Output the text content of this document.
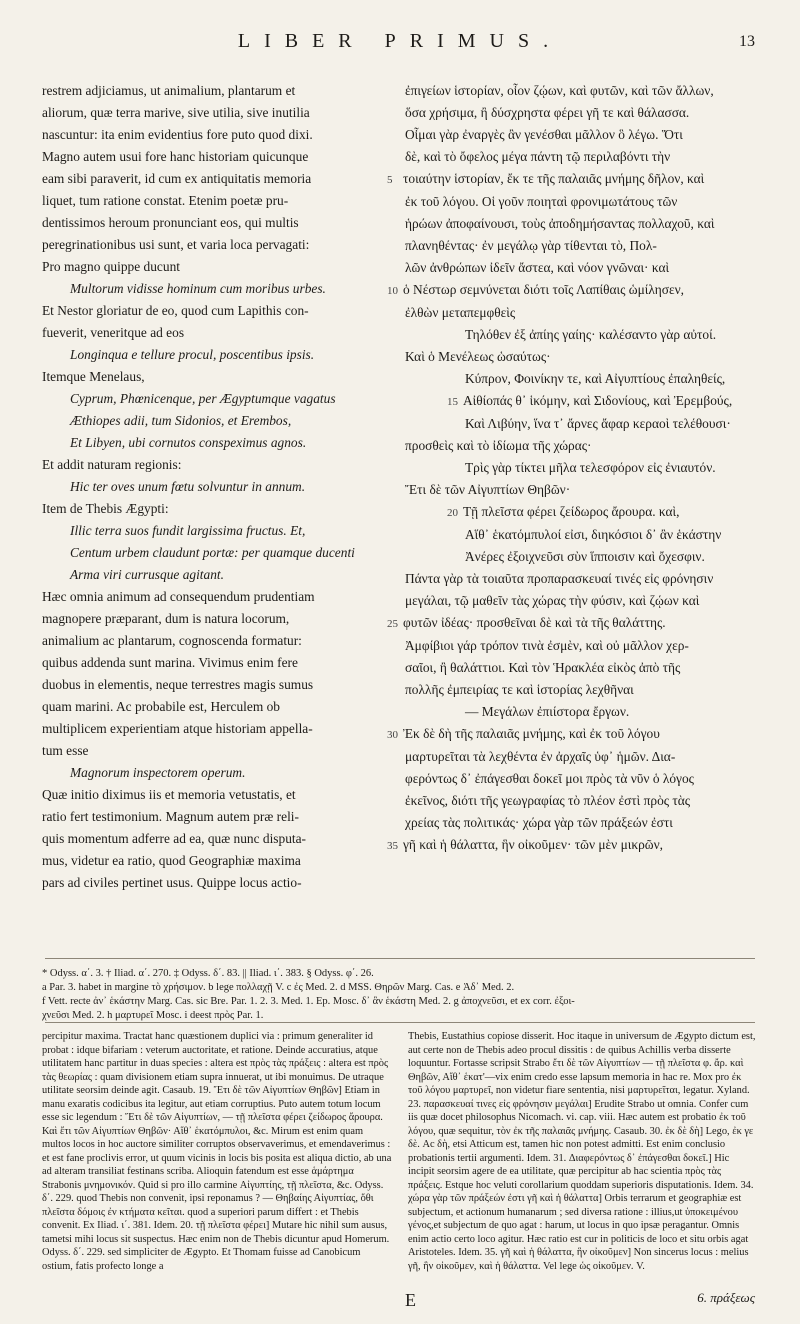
LIBER PRIMUS.	13
restrem adjiciamus, ut animalium, plantarum et
aliorum, quæ terra marive, sive utilia, sive inutilia
nascuntur: ita enim evidentius fore puto quod dixi.
Magno autem usui fore hanc historiam quicunque
eam sibi paraverit, id cum ex antiquitatis memoria
liquet, tum ratione constat. Etenim poetæ pru-
dentissimos heroum pronunciant eos, qui multis
peregrinationibus usi sunt, et varia loca pervagati:
Pro magno quippe ducunt
Multorum vidisse hominum cum moribus urbes.
Et Nestor gloriatur de eo, quod cum Lapithis con-
fueverit, veneritque ad eos
Longinqua e tellure procul, poscentibus ipsis.
Itemque Menelaus,
Cyprum, Phœnicenque, per Ægyptumque vagatus
Æthiopes adii, tum Sidonios, et Erembos,
Et Libyen, ubi cornutos conspeximus agnos.
Et addit naturam regionis:
Hic ter oves unum fœtu solvuntur in annum.
Item de Thebis Ægypti:
Illic terra suos fundit largissima fructus. Et,
Centum urbem claudunt portæ: per quamque ducenti
Arma viri currusque agitant.
Hæc omnia animum ad consequendum prudentiam
magnopere præparant, dum is natura locorum,
animalium ac plantarum, cognoscenda formatur:
quibus addenda sunt marina. Vivimus enim fere
duobus in elementis, neque terrestres magis sumus
quam marini. Ac probabile est, Herculem ob
multiplicem experientiam atque historiam appella-
tum esse
Magnorum inspectorem operum.
Quæ initio diximus iis et memoria vetustatis, et
ratio fert testimonium. Magnum autem præ reli-
quis momentum adferre ad ea, quæ nunc disputa-
mus, videtur ea ratio, quod Geographiæ maxima
pars ad civiles pertinet usus. Quippe locus actio-
ἐπιγείων ἱστορίαν, οἷον ζῴων, καὶ φυτῶν, καὶ τῶν ἄλλων,
ὅσα χρήσιμα, ἢ δύσχρηστα φέρει γῆ τε καὶ θάλασσα.
Οἶμαι γὰρ ἐναργὲς ἂν γενέσθαι μᾶλλον ὃ λέγω. Ὅτι
δὲ, καὶ τὸ ὄφελος μέγα πάντη τῷ περιλαβόντι τὴν
5 τοιαύτην ἱστορίαν, ἔκ τε τῆς παλαιᾶς μνήμης δῆλον, καὶ
ἐκ τοῦ λόγου. Οἱ γοῦν ποιηταὶ φρονιμωτάτους τῶν
ἡρώων ἀποφαίνουσι, τοὺς ἀποδημήσαντας πολλαχοῦ, καὶ
πλανηθέντας· ἐν μεγάλῳ γὰρ τίθενται τὸ, Πολ-
λῶν ἀνθρώπων ἰδεῖν ἄστεα, καὶ νόον γνῶναι· καὶ
10 ὁ Νέστωρ σεμνύνεται διότι τοῖς Λαπίθαις ὡμίλησεν,
ἐλθὼν μεταπεμφθεὶς
Τηλόθεν ἐξ ἀπίης γαίης· καλέσαντο γὰρ αὐτοί.
Καὶ ὁ Μενέλεως ὡσαύτως·
Κύπρον, Φοινίκην τε, καὶ Αἰγυπτίους ἐπαληθείς,
15 Αἰθίοπάς θ᾽ ἱκόμην, καὶ Σιδονίους, καὶ Ἐρεμβούς,
Καὶ Λιβύην, ἵνα τ᾽ ἄρνες ἄφαρ κεραοὶ τελέθουσι·
προσθεὶς καὶ τὸ ἰδίωμα τῆς χώρας·
Τρὶς γὰρ τίκτει μῆλα τελεσφόρον εἰς ἐνιαυτόν.
Ἔτι δὲ τῶν Αἰγυπτίων Θηβῶν·
20 Τῇ πλεῖστα φέρει ζείδωρος ἄρουρα. καὶ,
Αἵθ᾽ ἑκατόμπυλοί εἰσι, διηκόσιοι δ᾽ ἂν ἑκάστην
Ἀνέρες ἐξοιχνεῦσι σὺν ἵπποισιν καὶ ὄχεσφιν.
Πάντα γὰρ τὰ τοιαῦτα προπαρασκευαί τινές εἰς φρόνησιν
μεγάλαι, τῷ μαθεῖν τὰς χώρας τὴν φύσιν, καὶ ζῴων καὶ
25 φυτῶν ἰδέας· προσθεῖναι δὲ καὶ τὰ τῆς θαλάττης.
Ἀμφίβιοι γάρ τρόπον τινὰ ἐσμὲν, καὶ οὐ μᾶλλον χερ-
σαῖοι, ἢ θαλάττιοι. Καὶ τὸν Ἡρακλέα εἰκὸς ἀπὸ τῆς
πολλῆς ἐμπειρίας τε καὶ ἱστορίας λεχθῆναι
— Μεγάλων ἐπιίστορα ἔργων.
30 Ἐκ δὲ δὴ τῆς παλαιᾶς μνήμης, καὶ ἐκ τοῦ λόγου
μαρτυρεῖται τὰ λεχθέντα ἐν ἀρχαῖς ὑφ᾽ ἡμῶν. Δια-
φερόντως δ᾽ ἐπάγεσθαι δοκεῖ μοι πρὸς τὰ νῦν ὁ λόγος
ἐκεῖνος, διότι τῆς γεωγραφίας τὸ πλέον ἐστὶ πρὸς τὰς
χρείας τὰς πολιτικάς· χώρα γὰρ τῶν πράξεών ἐστι
35 γῆ καὶ ἡ θάλαττα, ἣν οἰκοῦμεν· τῶν μὲν μικρῶν,
* Odyss. α΄. 3. † Iliad. α΄. 270. ‡ Odyss. δ΄. 83. || Iliad. ι΄. 383. § Odyss. φ΄. 26.
a Par. 3. habet in margine τὸ χρήσιμον. b lege πολλαχῇ V. c ἐς Med. 2. d MSS. Θηρῶν Marg. Cas. e Ἀδ᾽ Med. 2.
f Vett. recte ἀν᾽ ἑκάστην Marg. Cas. sic Bre. Par. 1. 2. 3. Med. 1. Ep. Mosc. δ᾽ ἂν ἑκάστη Med. 2. g ἀποχνεῦσι, et ex corr. ἐξοι-
χνεῦσι Med. 2. h μαρτυρεῖ Mosc. i deest πρὸς Par. 1.
percipitur maxima. Tractat hanc quæstionem duplici via : primum generaliter id probat : idque bifariam : veterum auctoritate, et ratione. Deinde accuratius, atque utilitatem hanc partitur in duas species : altera est πρὸς τὰς πράξεις : altera est πρὸς τὰς θεωρίας : quam divisionem etiam supra innuerat, ut ibi monuimus. De utraque utilitate seorsim deinde agit. Casaub. 19. Ἔτι δὲ τῶν Αἰγυπτίων Θηβῶν] Etiam in manu exaratis codicibus ita legitur, aut etiam corruptius. Puto autem totum locum esse sic legendum : Ἔτι δὲ τῶν Αἰγυπτίων, — τῇ πλεῖστα φέρει ζείδωρος ἄρουρα. Καὶ ἔτι τῶν Αἰγυπτίων Θηβῶν· Αἵθ᾽ ἑκατόμπυλοι, &c. Mirum est enim quam multos locos in hoc auctore similiter corruptos observaverimus, et emendaverimus : et est fane proclivis error, ut quum vicinis in locis bis posita est aliqua dictio, ab una ad alteram transiliat festinans scriba. Alioquin fatendum est esse ἁμάρτημα Strabonis μνημονικόν. Quid si pro illo carmine Αἰγυπτίης, τῇ πλεῖστα, &c. Odyss. δ΄. 229. quod Thebis non convenit, ipsi reponamus ? — Θηβαίης Αἰγυπτίας, ὅθι πλεῖστα δόμοις ἐν κτήματα κεῖται. quod a superiori parum differt : et Thebis convenit. Ex Iliad. ι΄. 381. Idem. 20. τῇ πλεῖστα φέρει] Mutare hic nihil sum ausus, tametsi mihi locus sit suspectus. Hæc enim non de Thebis dicuntur apud Homerum. Odyss. δ΄. 229. sed simpliciter de Ægypto. Et Thomam fuisse ad Canobicum ostium, fatis profecto longe a
Thebis, Eustathius copiose disserit. Hoc itaque in universum de Ægypto dictum est, aut certe non de Thebis adeo procul dissitis : de quibus Achillis verba disserte loquuntur. Fortasse scripsit Strabo ἔτι δὲ τῶν Αἰγυπτίων — τῇ πλεῖστα φ. ἄρ. καὶ Θηβῶν, Αἵθ᾽ ἑκατ'—vix enim credo esse lapsum memoria in hac re. Mox pro ἐκ τοῦ λόγου μαρτυρεῖ, non videtur fiare sententia, nisi μαρτυρεῖται, legatur. Xyland. 23. παρασκευαί τινες εἰς φρόνησιν μεγάλαι] Erudite Strabo ut omnia. Confer cum iis quæ docet philosophus Nicomach. vi. cap. viii. Hæc autem est probatio ἐκ τοῦ λόγου, quæ sequitur, τὸν ἐκ τῆς παλαιᾶς μνήμης. Casaub. 30. ἐκ δὲ δὴ] Lego, ἐκ γε δὲ. Ac δὴ, etsi Atticum est, tamen hic non potest admitti. Est enim conclusio probationis tertii argumenti. Idem. 31. Διαφερόντως δ᾽ ἐπάγεσθαι δοκεῖ.] Hic incipit seorsim agere de ea utilitate, quæ percipitur ab hac scientia πρὸς τὰς πράξεις. Estque hoc veluti corollarium quoddam superioris disputationis. Idem. 34. χώρα γὰρ τῶν πράξεών ἐστι γῆ καὶ ἡ θάλαττα] Orbis terrarum et geographiæ est subjectum, et actionum humanarum ; sed diversa ratione : illius,ut ὑποκειμένου γένος,et subjectum de quo agat : harum, ut locus in quo ipsæ peragantur. Omnis enim actio certo loco agitur. Hæc ratio est cur in politicis de loco et situ orbis agat Aristoteles. Idem. 35. γῆ καὶ ἡ θάλαττα, ἣν οἰκοῦμεν] Non sincerus locus : melius γῆ, ἣν οἰκοῦμεν, καὶ ἡ θάλαττα. Vel lege ὡς οἰκοῦμεν. V.
E	6. πράξεως
